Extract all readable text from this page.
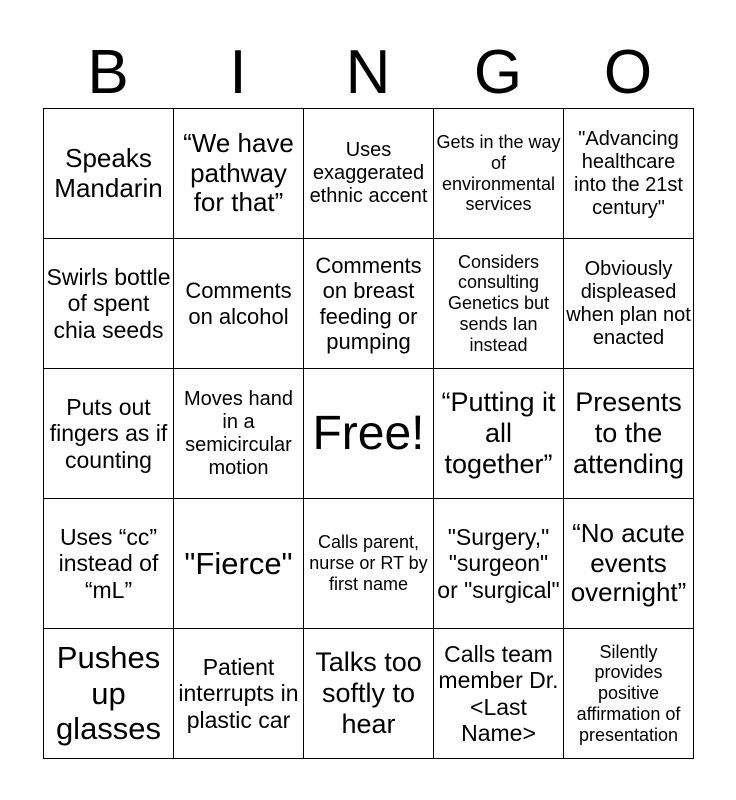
B	I	N	G	O
Speaks Mandarin	“We have pathway for that”	Uses exaggerated ethnic accent	Gets in the way of environmental services	"Advancing healthcare into the 21st century"

Swirls bottle of spent chia seeds	Comments on alcohol	Comments on breast feeding or pumping	Considers consulting Genetics but sends Ian instead	Obviously displeased when plan not enacted

Puts out fingers as if counting	Moves hand in a semicircular motion	Free!	“Putting it all together”	Presents to the attending

Uses “cc” instead of “mL”	"Fierce"	Calls parent, nurse or RT by first name	"Surgery," "surgeon" or "surgical"	“No acute events overnight”

Pushes up glasses	Patient interrupts in plastic car	Talks too softly to hear	Calls team member Dr. <Last Name>	Silently provides positive affirmation of presentation
